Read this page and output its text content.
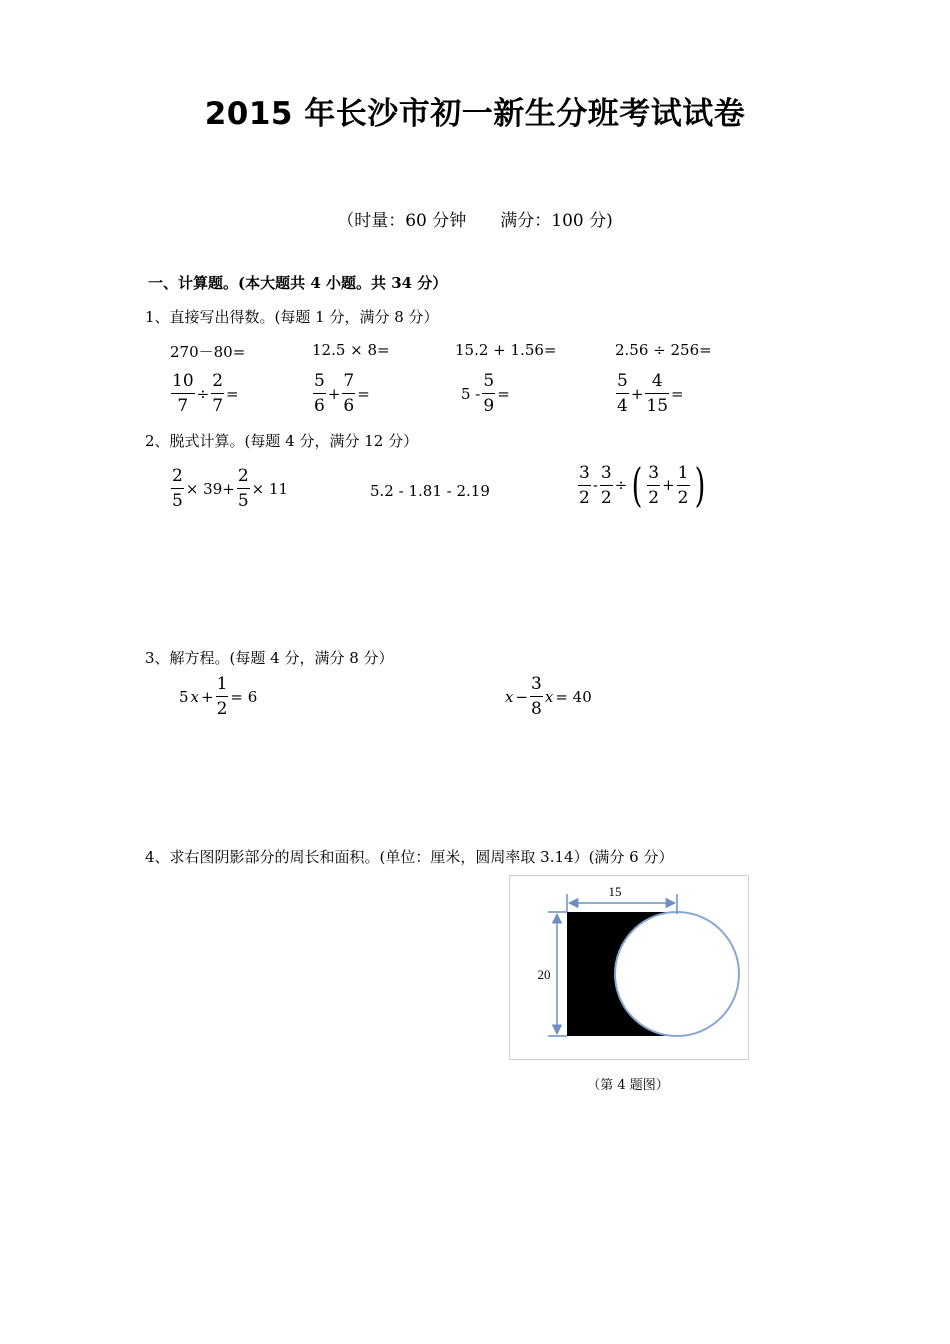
2015 年长沙市初一新生分班考试试卷
（时量：60 分钟　　满分：100 分)
一、计算题。(本大题共 4 小题。共 34 分）
1、直接写出得数。(每题 1 分，满分 8 分）
270－80=	12.5 × 8=	15.2 + 1.56=	2.56 ÷ 256=
$\frac{10}{7} \div \frac{2}{7}$ =	$\frac{5}{6} + \frac{7}{6}$ =	$5 - \frac{5}{9}$ =	$\frac{5}{4} + \frac{4}{15}$ =
2、脱式计算。(每题 4 分，满分 12 分）
$\frac{2}{5} \times 39+ \frac{2}{5} \times 11$	5.2 - 1.81 - 2.19	$\frac{3}{2} - \frac{3}{2}$ ÷( $\frac{3}{2} + \frac{1}{2}$ )
3、解方程。(每题 4 分，满分 8 分）
5 $x + \frac{1}{2} = 6$	$x - \frac{3}{8}$ x = 40
4、求右图阴影部分的周长和面积。(单位：厘米，圆周率取 3.14）(满分 6 分）
15
20
（第 4 题图）
